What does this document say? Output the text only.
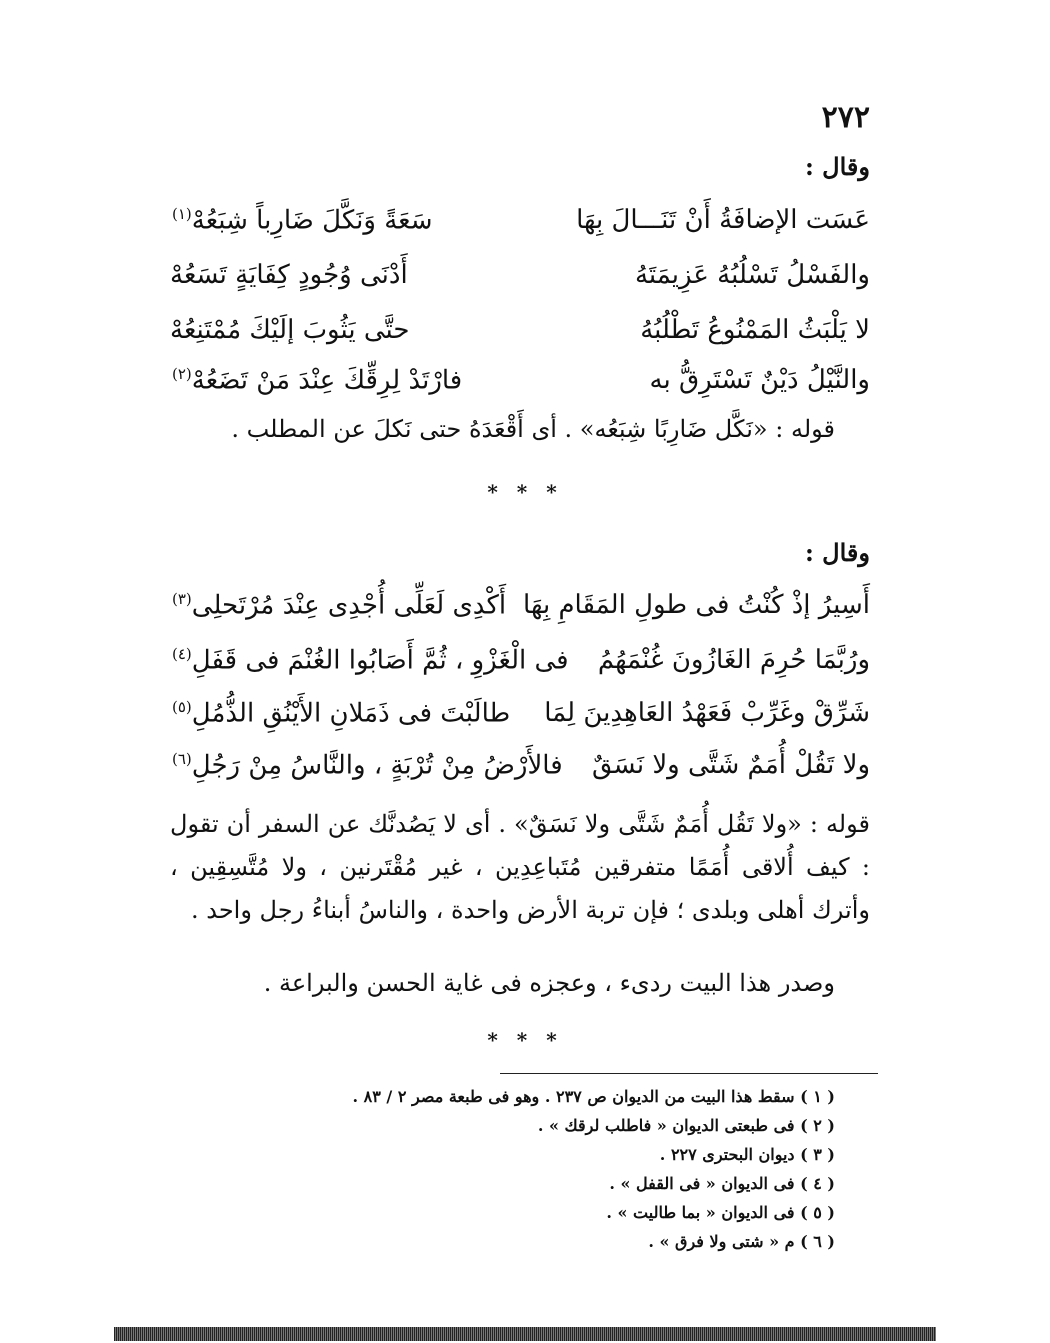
٢٧٢
وقال :
عَسَت الإضافَةُ أَنْ تَنَـــالَ بِهَا
سَعَةً وَنَكَّلَ ضَارِباً شِبَعُهْ$^{(١)}$
والفَسْلُ تَسْلُبُهُ عَزِيمَتَهُ
أَدْنَى وُجُودٍ كِفَايَةٍ تَسَعُهْ
لا يَلْبَثُ المَمْنُوعُ تَطْلُبُهُ
حتَّى يَثُوبَ إلَيْكَ مُمْتَنِعُهْ
والنَّيْلُ دَيْنٌ تَسْتَرِقُّ به
فارْتَدْ لِرِقِّكَ عِنْدَ مَنْ تَضَعُهْ$^{(٢)}$
قوله : «نَكَّل ضَارِبًا شِبَعُه» . أى أَقْعَدَهُ حتى نَكلَ عن المطلب .
* * *
وقال :
أَسِيرُ إذْ كُنْتُ فى طولِ المَقَامِ بِهَا
أَكْدِى لَعَلِّى أُجْدِى عِنْدَ مُرْتَحلِى$^{(٣)}$
ورُبَّمَا حُرِمَ الغَازُونَ غُنْمَهُمُ
فى الْغَزْوِ ، ثُمَّ أَصَابُوا الغُنْمَ فى قَفَلِ$^{(٤)}$
شَرِّقْ وغَرِّبْ فَعَهْدُ العَاهِدِينَ لِمَا
طالَبْتَ فى ذَمَلانِ الأَيْنُقِ الذُّمُلِ$^{(٥)}$
ولا تَقُلْ أُمَمٌ شَتَّى ولا نَسَقٌ
فالأَرْضُ مِنْ تُرْبَةٍ ، والنَّاسُ مِنْ رَجُلِ$^{(٦)}$
قوله : «ولا تَقُل أُمَمٌ شَتَّى ولا نَسَقٌ» . أى لا يَصُدنَّك عن السفر أن تقول : كيف أُلاقى أُمَمًا متفرقين مُتَباعِدِين ، غير مُقْتَرنين ، ولا مُتَّسِقِين ، وأترك أهلى وبلدى ؛ فإن تربة الأرض واحدة ، والناسُ أبناءُ رجل واحد .
وصدر هذا البيت ردىء ، وعجزه فى غاية الحسن والبراعة .
* * *
( ١ ) سقط هذا البيت من الديوان ص ٢٣٧ . وهو فى طبعة مصر ٢ / ٨٣ .
( ٢ ) فى طبعتى الديوان « فاطلب لرقك » .
( ٣ ) ديوان البحترى ٢٢٧ .
( ٤ ) فى الديوان « فى القفل » .
( ٥ ) فى الديوان « بما طاليت » .
( ٦ ) م « شتى ولا فرق » .
